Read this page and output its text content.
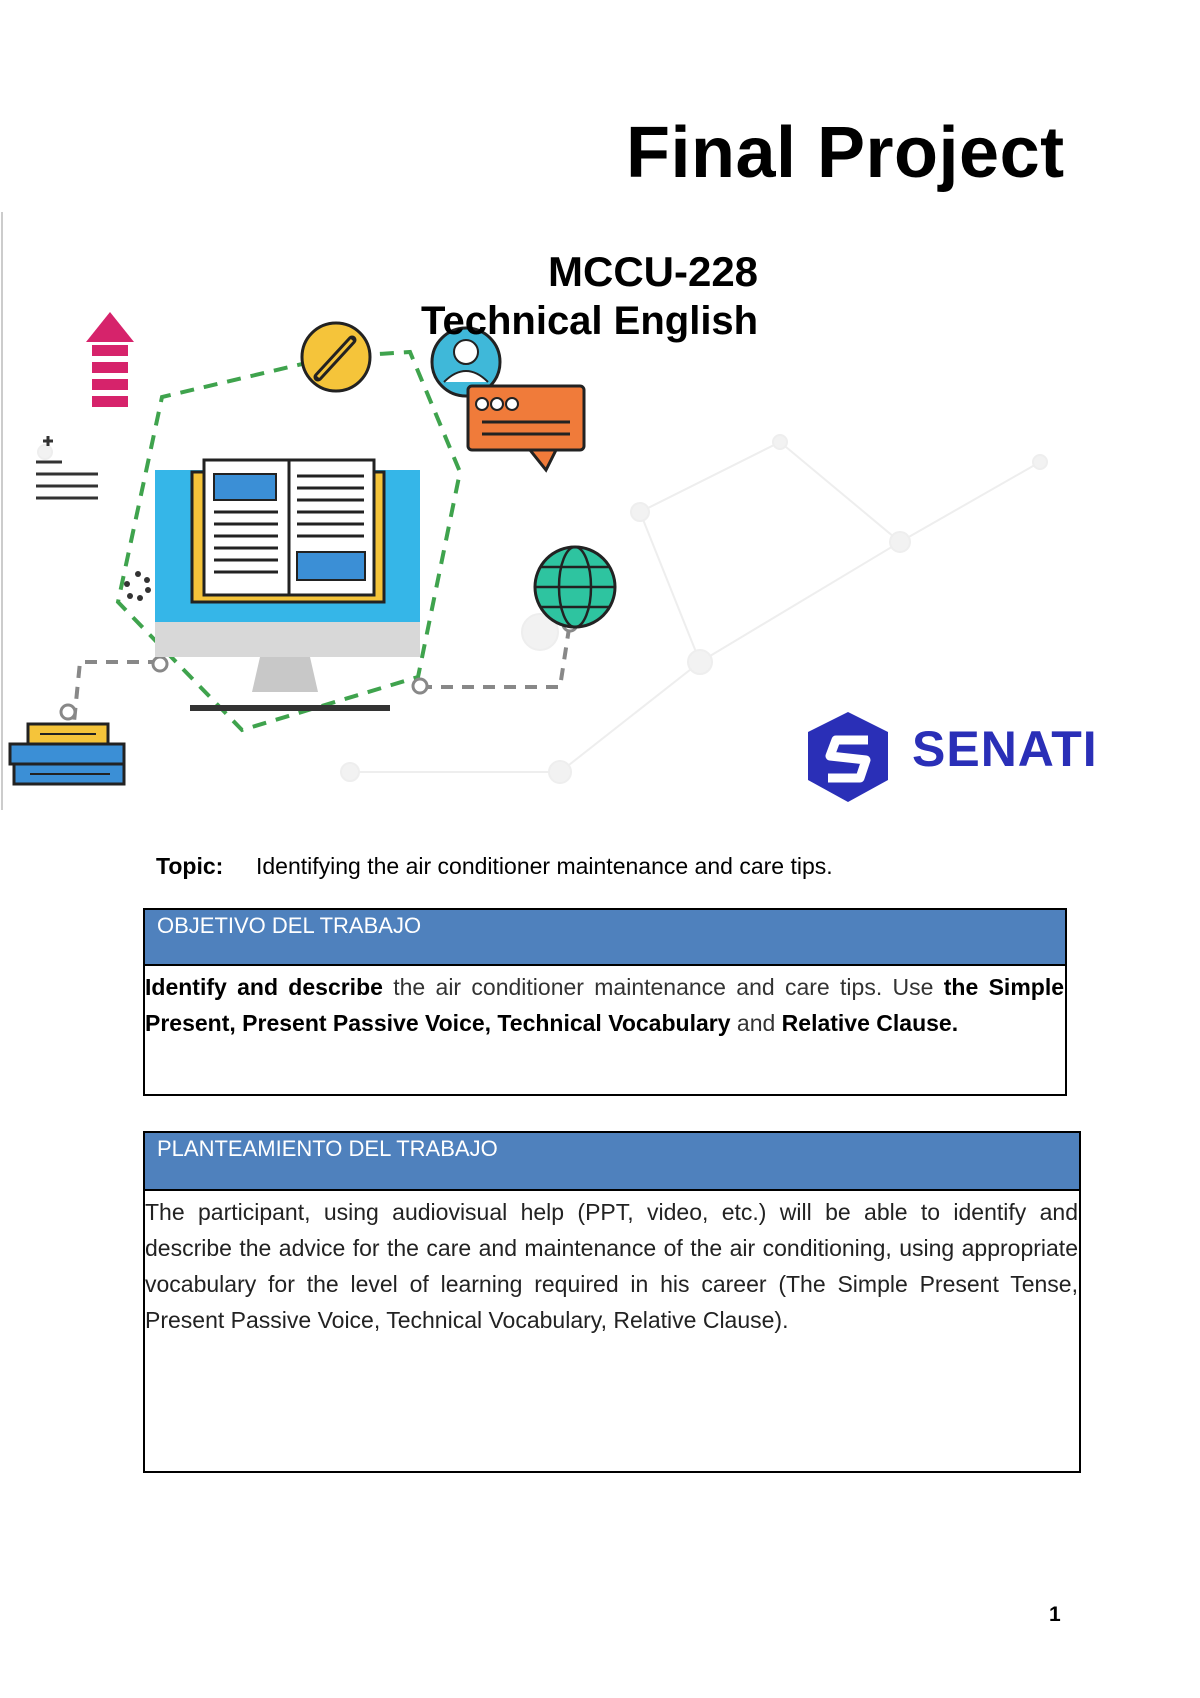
Final Project
MCCU-228
Technical English
SENATI
Topic: Identifying the air conditioner maintenance and care tips.
OBJETIVO DEL TRABAJO
Identify and describe the air conditioner maintenance and care tips. Use the Simple Present, Present Passive Voice, Technical Vocabulary and Relative Clause.
PLANTEAMIENTO DEL TRABAJO
The participant, using audiovisual help (PPT, video, etc.) will be able to identify and describe the advice for the care and maintenance of the air conditioning, using appropriate vocabulary for the level of learning required in his career (The Simple Present Tense, Present Passive Voice, Technical Vocabulary, Relative Clause).
1
